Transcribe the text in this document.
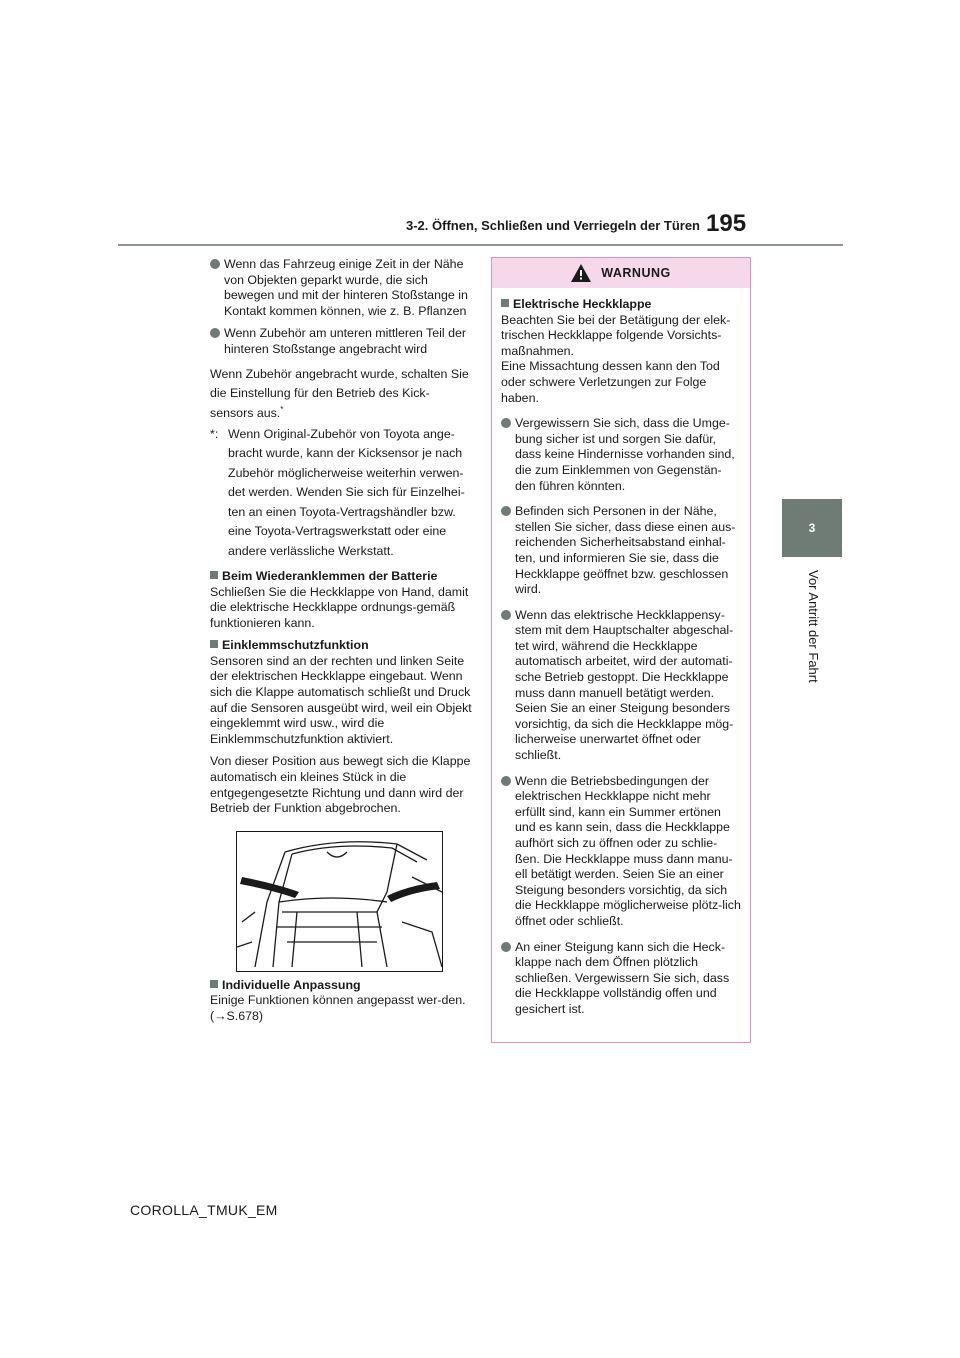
3-2. Öffnen, Schließen und Verriegeln der Türen 195
3
Vor Antritt der Fahrt
Wenn das Fahrzeug einige Zeit in der Nähe von Objekten geparkt wurde, die sich bewegen und mit der hinteren Stoßstange in Kontakt kommen können, wie z. B. Pflanzen
Wenn Zubehör am unteren mittleren Teil der hinteren Stoßstange angebracht wird

Wenn Zubehör angebracht wurde, schalten Sie die Einstellung für den Betrieb des Kick-sensors aus.*

*: Wenn Original-Zubehör von Toyota ange-bracht wurde, kann der Kicksensor je nach Zubehör möglicherweise weiterhin verwen-det werden. Wenden Sie sich für Einzelhei-ten an einen Toyota-Vertragshändler bzw. eine Toyota-Vertragswerkstatt oder eine andere verlässliche Werkstatt.
Beim Wiederanklemmen der Batterie

Schließen Sie die Heckklappe von Hand, damit die elektrische Heckklappe ordnungs-gemäß funktionieren kann.

Einklemmschutzfunktion

Sensoren sind an der rechten und linken Seite der elektrischen Heckklappe eingebaut. Wenn sich die Klappe automatisch schließt und Druck auf die Sensoren ausgeübt wird, weil ein Objekt eingeklemmt wird usw., wird die Einklemmschutzfunktion aktiviert.

Von dieser Position aus bewegt sich die Klappe automatisch ein kleines Stück in die entgegengesetzte Richtung und dann wird der Betrieb der Funktion abgebrochen.

Individuelle Anpassung

Einige Funktionen können angepasst wer-den. (→S.678)

WARNUNG
Elektrische Heckklappe

Beachten Sie bei der Betätigung der elek-trischen Heckklappe folgende Vorsichts-maßnahmen.

Eine Missachtung dessen kann den Tod oder schwere Verletzungen zur Folge haben.

Vergewissern Sie sich, dass die Umge-bung sicher ist und sorgen Sie dafür, dass keine Hindernisse vorhanden sind, die zum Einklemmen von Gegenstän-den führen könnten.
Befinden sich Personen in der Nähe, stellen Sie sicher, dass diese einen aus-reichenden Sicherheitsabstand einhal-ten, und informieren Sie sie, dass die Heckklappe geöffnet bzw. geschlossen wird.
Wenn das elektrische Heckklappensy-stem mit dem Hauptschalter abgeschal-tet wird, während die Heckklappe automatisch arbeitet, wird der automati-sche Betrieb gestoppt. Die Heckklappe muss dann manuell betätigt werden. Seien Sie an einer Steigung besonders vorsichtig, da sich die Heckklappe mög-licherweise unerwartet öffnet oder schließt.
Wenn die Betriebsbedingungen der elektrischen Heckklappe nicht mehr erfüllt sind, kann ein Summer ertönen und es kann sein, dass die Heckklappe aufhört sich zu öffnen oder zu schlie-ßen. Die Heckklappe muss dann manu-ell betätigt werden. Seien Sie an einer Steigung besonders vorsichtig, da sich die Heckklappe möglicherweise plötz-lich öffnet oder schließt.
An einer Steigung kann sich die Heck-klappe nach dem Öffnen plötzlich schließen. Vergewissern Sie sich, dass die Heckklappe vollständig offen und gesichert ist.
COROLLA_TMUK_EM
